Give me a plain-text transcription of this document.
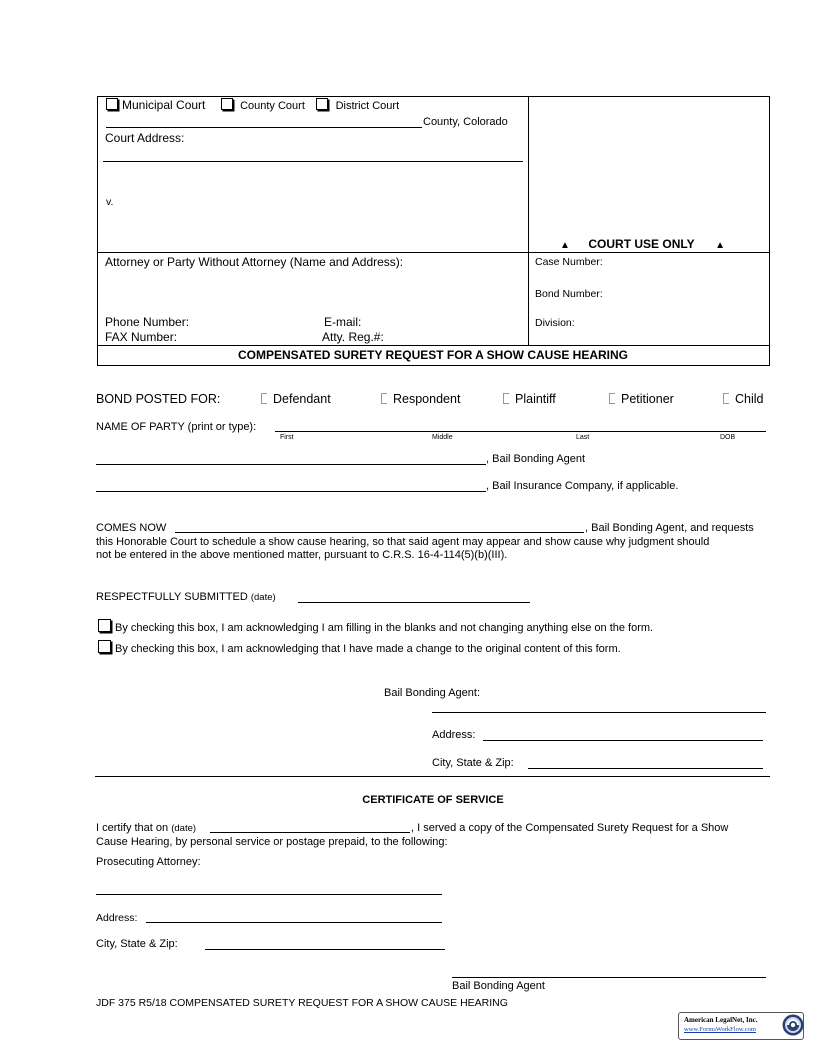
Municipal Court	County Court	District Court
County, Colorado
Court Address:
v.
▲ COURT USE ONLY ▲
Attorney or Party Without Attorney (Name and Address):
Phone Number:	E-mail:
FAX Number:	Atty. Reg.#:
Case Number:
Bond Number:
Division:
COMPENSATED SURETY REQUEST FOR A SHOW CAUSE HEARING
BOND POSTED FOR:	Defendant	Respondent	Plaintiff	Petitioner	Child
NAME OF PARTY (print or type):
First	Middle	Last	DOB
, Bail Bonding Agent
, Bail Insurance Company, if applicable.
COMES NOW	, Bail Bonding Agent, and requests
this Honorable Court to schedule a show cause hearing, so that said agent may appear and show cause why judgment should
not be entered in the above mentioned matter, pursuant to C.R.S. 16-4-114(5)(b)(III).
RESPECTFULLY SUBMITTED (date)
By checking this box, I am acknowledging I am filling in the blanks and not changing anything else on the form.
By checking this box, I am acknowledging that I have made a change to the original content of this form.
Bail Bonding Agent:
Address:
City, State & Zip:
CERTIFICATE OF SERVICE
I certify that on (date)	, I served a copy of the Compensated Surety Request for a Show
Cause Hearing, by personal service or postage prepaid, to the following:
Prosecuting Attorney:
Address:
City, State & Zip:
Bail Bonding Agent
JDF 375 R5/18 COMPENSATED SURETY REQUEST FOR A SHOW CAUSE HEARING
American LegalNet, Inc.
www.FormsWorkFlow.com
